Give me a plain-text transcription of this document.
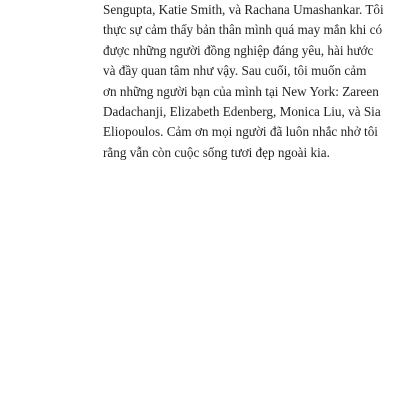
Sengupta, Katie Smith, và Rachana Umashankar. Tôi
thực sự cảm thấy bản thân mình quá may mắn khi có
được những người đồng nghiệp đáng yêu, hài hước
và đầy quan tâm như vậy. Sau cuối, tôi muốn cảm
ơn những người bạn của mình tại New York: Zareen
Dadachanji, Elizabeth Edenberg, Monica Liu, và Sia
Eliopoulos. Cảm ơn mọi người đã luôn nhắc nhở tôi
rằng vẫn còn cuộc sống tươi đẹp ngoài kia.
